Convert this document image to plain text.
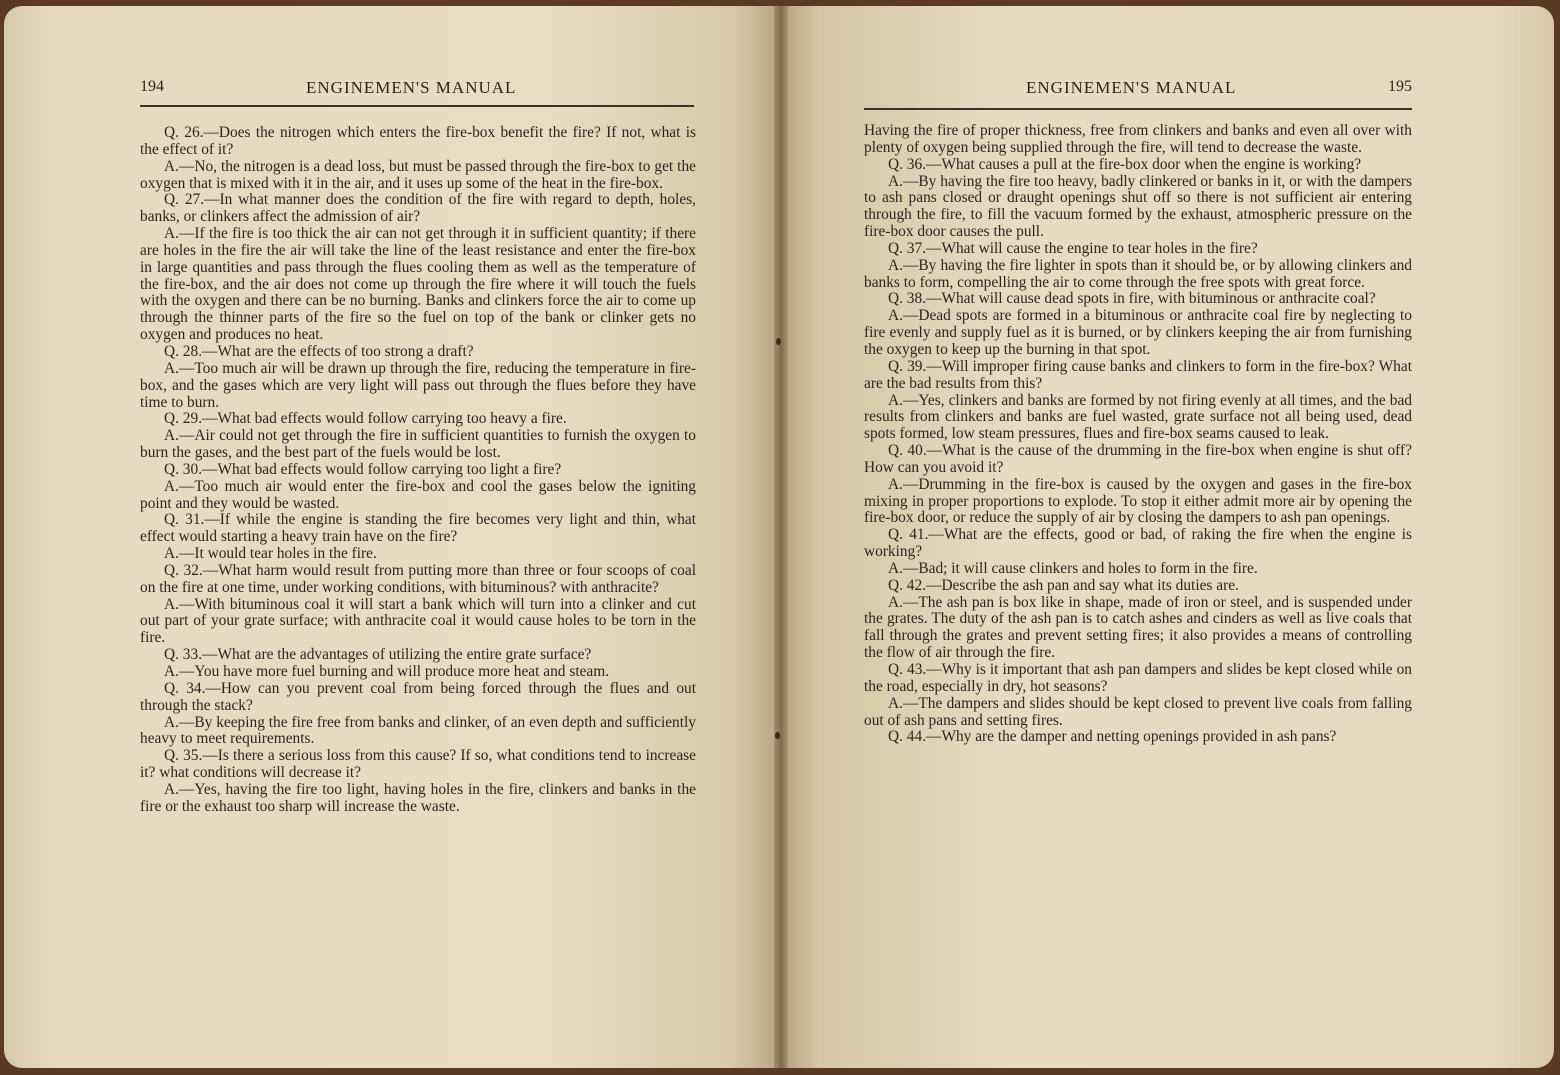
194	ENGINEMEN'S MANUAL

Q. 26.—Does the nitrogen which enters the fire-box benefit the fire? If not, what is the effect of it?

A.—No, the nitrogen is a dead loss, but must be passed through the fire-box to get the oxygen that is mixed with it in the air, and it uses up some of the heat in the fire-box.

Q. 27.—In what manner does the condition of the fire with regard to depth, holes, banks, or clinkers affect the admission of air?

A.—If the fire is too thick the air can not get through it in sufficient quantity; if there are holes in the fire the air will take the line of the least resistance and enter the fire-box in large quantities and pass through the flues cooling them as well as the temperature of the fire-box, and the air does not come up through the fire where it will touch the fuels with the oxygen and there can be no burning. Banks and clinkers force the air to come up through the thinner parts of the fire so the fuel on top of the bank or clinker gets no oxygen and produces no heat.

Q. 28.—What are the effects of too strong a draft?

A.—Too much air will be drawn up through the fire, reducing the temperature in fire-box, and the gases which are very light will pass out through the flues before they have time to burn.

Q. 29.—What bad effects would follow carrying too heavy a fire.

A.—Air could not get through the fire in sufficient quantities to furnish the oxygen to burn the gases, and the best part of the fuels would be lost.

Q. 30.—What bad effects would follow carrying too light a fire?

A.—Too much air would enter the fire-box and cool the gases below the igniting point and they would be wasted.

Q. 31.—If while the engine is standing the fire becomes very light and thin, what effect would starting a heavy train have on the fire?

A.—It would tear holes in the fire.

Q. 32.—What harm would result from putting more than three or four scoops of coal on the fire at one time, under working conditions, with bituminous? with anthracite?

A.—With bituminous coal it will start a bank which will turn into a clinker and cut out part of your grate surface; with anthracite coal it would cause holes to be torn in the fire.

Q. 33.—What are the advantages of utilizing the entire grate surface?

A.—You have more fuel burning and will produce more heat and steam.

Q. 34.—How can you prevent coal from being forced through the flues and out through the stack?

A.—By keeping the fire free from banks and clinker, of an even depth and sufficiently heavy to meet requirements.

Q. 35.—Is there a serious loss from this cause? If so, what conditions tend to increase it? what conditions will decrease it?

A.—Yes, having the fire too light, having holes in the fire, clinkers and banks in the fire or the exhaust too sharp will increase the waste.

ENGINEMEN'S MANUAL	195

Having the fire of proper thickness, free from clinkers and banks and even all over with plenty of oxygen being supplied through the fire, will tend to decrease the waste.

Q. 36.—What causes a pull at the fire-box door when the engine is working?

A.—By having the fire too heavy, badly clinkered or banks in it, or with the dampers to ash pans closed or draught openings shut off so there is not sufficient air entering through the fire, to fill the vacuum formed by the exhaust, atmospheric pressure on the fire-box door causes the pull.

Q. 37.—What will cause the engine to tear holes in the fire?

A.—By having the fire lighter in spots than it should be, or by allowing clinkers and banks to form, compelling the air to come through the free spots with great force.

Q. 38.—What will cause dead spots in fire, with bituminous or anthracite coal?

A.—Dead spots are formed in a bituminous or anthracite coal fire by neglecting to fire evenly and supply fuel as it is burned, or by clinkers keeping the air from furnishing the oxygen to keep up the burning in that spot.

Q. 39.—Will improper firing cause banks and clinkers to form in the fire-box? What are the bad results from this?

A.—Yes, clinkers and banks are formed by not firing evenly at all times, and the bad results from clinkers and banks are fuel wasted, grate surface not all being used, dead spots formed, low steam pressures, flues and fire-box seams caused to leak.

Q. 40.—What is the cause of the drumming in the fire-box when engine is shut off? How can you avoid it?

A.—Drumming in the fire-box is caused by the oxygen and gases in the fire-box mixing in proper proportions to explode. To stop it either admit more air by opening the fire-box door, or reduce the supply of air by closing the dampers to ash pan openings.

Q. 41.—What are the effects, good or bad, of raking the fire when the engine is working?

A.—Bad; it will cause clinkers and holes to form in the fire.

Q. 42.—Describe the ash pan and say what its duties are.

A.—The ash pan is box like in shape, made of iron or steel, and is suspended under the grates. The duty of the ash pan is to catch ashes and cinders as well as live coals that fall through the grates and prevent setting fires; it also provides a means of controlling the flow of air through the fire.

Q. 43.—Why is it important that ash pan dampers and slides be kept closed while on the road, especially in dry, hot seasons?

A.—The dampers and slides should be kept closed to prevent live coals from falling out of ash pans and setting fires.

Q. 44.—Why are the damper and netting openings provided in ash pans?
